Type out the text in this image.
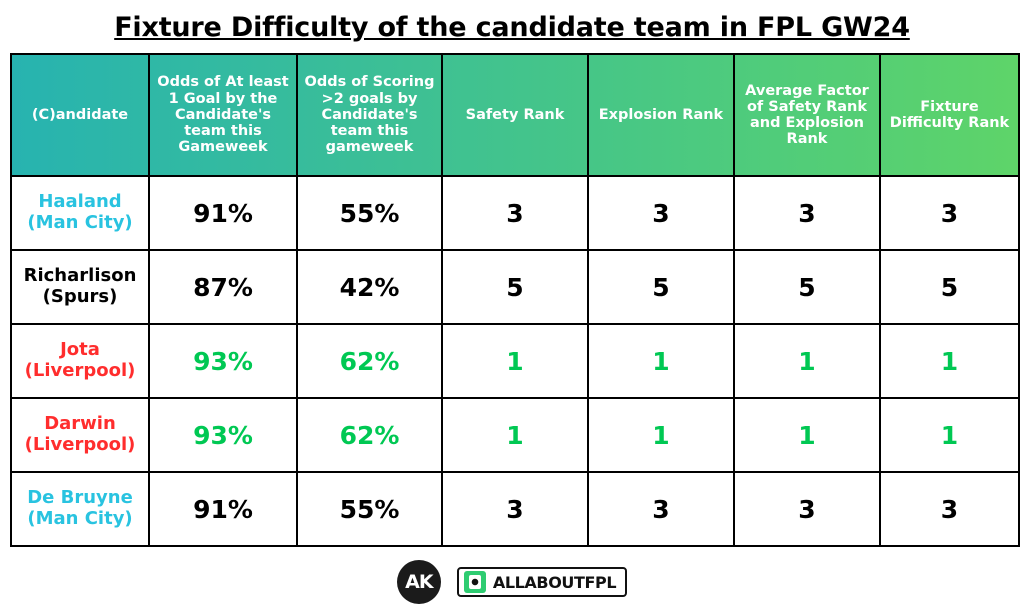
Fixture Difficulty of the candidate team in FPL GW24
(C)andidate	Odds of At least 1 Goal by the Candidate's team this Gameweek	Odds of Scoring >2 goals by Candidate's team this gameweek	Safety Rank	Explosion Rank	Average Factor of Safety Rank and Explosion Rank	Fixture Difficulty Rank

Haaland
(Man City)	91%	55%	3	3	3	3

Richarlison
(Spurs)	87%	42%	5	5	5	5

Jota
(Liverpool)	93%	62%	1	1	1	1

Darwin
(Liverpool)	93%	62%	1	1	1	1

De Bruyne
(Man City)	91%	55%	3	3	3	3
AK	ALLABOUTFPL
